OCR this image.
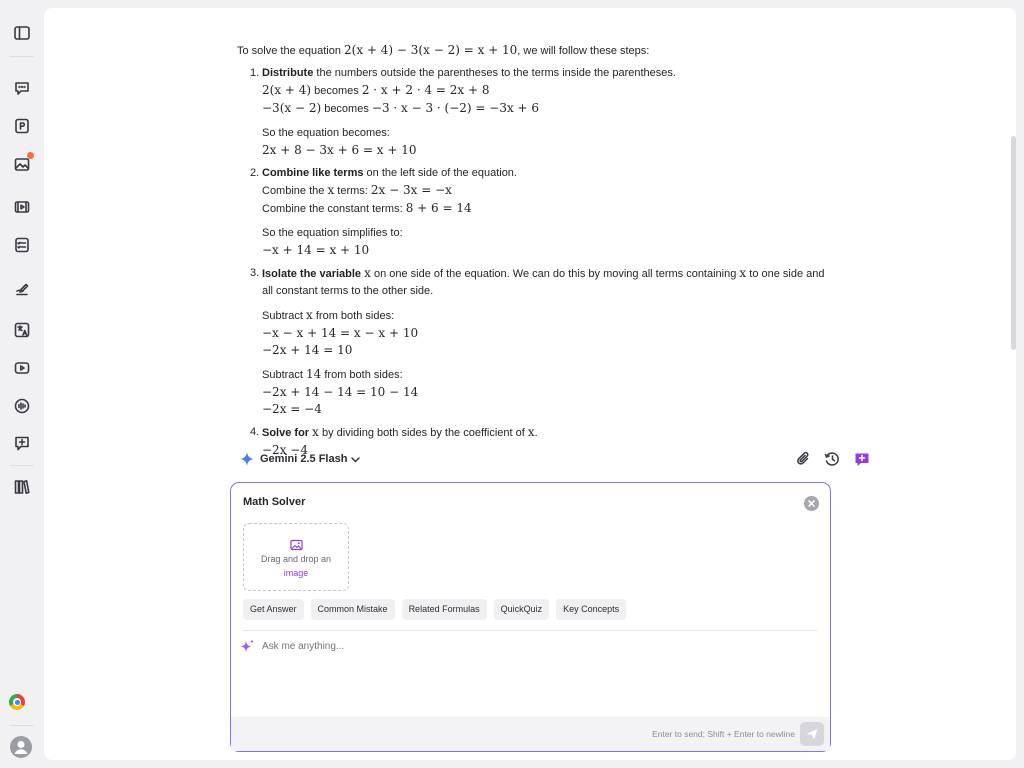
To solve the equation 2(x + 4) − 3(x − 2) = x + 10, we will follow these steps:

1. Distribute the numbers outside the parentheses to the terms inside the parentheses.

2(x + 4) becomes 2 · x + 2 · 4 = 2x + 8

−3(x − 2) becomes −3 · x − 3 · (−2) = −3x + 6

So the equation becomes:

2x + 8 − 3x + 6 = x + 10

2. Combine like terms on the left side of the equation.

Combine the x terms: 2x − 3x = −x

Combine the constant terms: 8 + 6 = 14

So the equation simplifies to:

−x + 14 = x + 10

3. Isolate the variable x on one side of the equation. We can do this by moving all terms containing x to one side and all constant terms to the other side.

Subtract x from both sides:

−x − x + 14 = x − x + 10

−2x + 14 = 10

Subtract 14 from both sides:

−2x + 14 − 14 = 10 − 14

−2x = −4

4. Solve for x by dividing both sides by the coefficient of x.

−2x −4

Gemini 2.5 Flash
Math Solver
Drag and drop an
image
Get Answer	Common Mistake	Related Formulas	QuickQuiz	Key Concepts
Ask me anything...
Enter to send; Shift + Enter to newline
